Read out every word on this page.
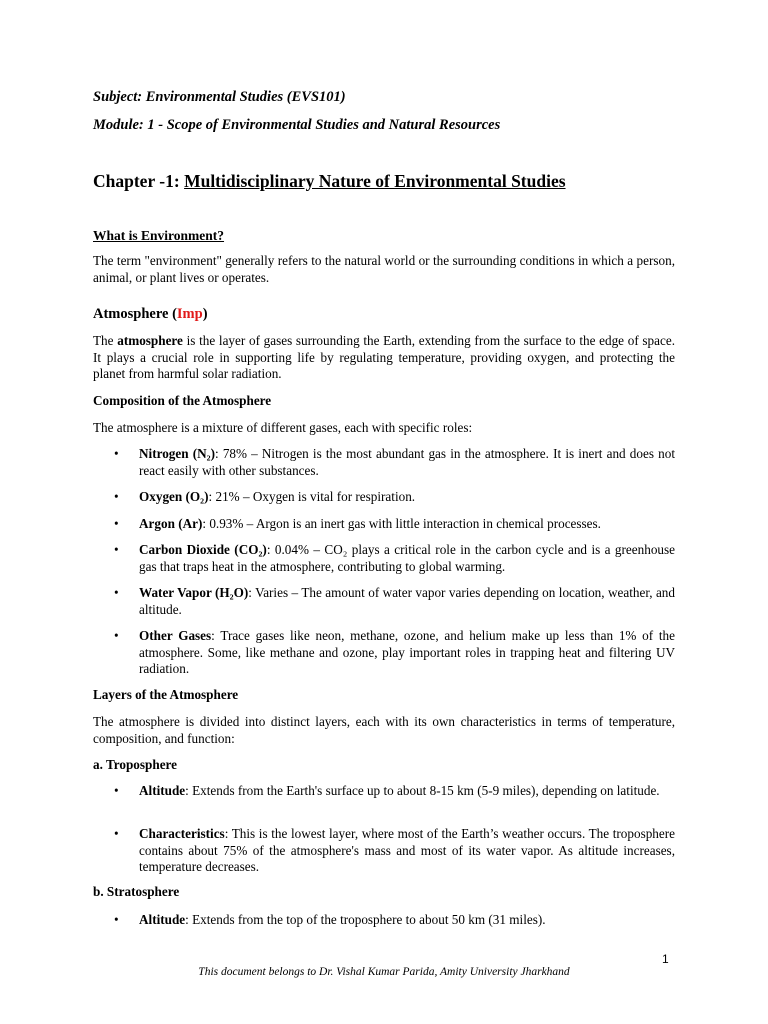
Subject: Environmental Studies (EVS101)

Module: 1 - Scope of Environmental Studies and Natural Resources

Chapter -1: Multidisciplinary Nature of Environmental Studies

What is Environment?

The term "environment" generally refers to the natural world or the surrounding conditions in which a person, animal, or plant lives or operates.

Atmosphere (Imp)

The atmosphere is the layer of gases surrounding the Earth, extending from the surface to the edge of space. It plays a crucial role in supporting life by regulating temperature, providing oxygen, and protecting the planet from harmful solar radiation.

Composition of the Atmosphere

The atmosphere is a mixture of different gases, each with specific roles:

•	Nitrogen (N₂): 78% – Nitrogen is the most abundant gas in the atmosphere. It is inert and does not react easily with other substances.
•	Oxygen (O₂): 21% – Oxygen is vital for respiration.
•	Argon (Ar): 0.93% – Argon is an inert gas with little interaction in chemical processes.
•	Carbon Dioxide (CO₂): 0.04% – CO₂ plays a critical role in the carbon cycle and is a greenhouse gas that traps heat in the atmosphere, contributing to global warming.
•	Water Vapor (H₂O): Varies – The amount of water vapor varies depending on location, weather, and altitude.
•	Other Gases: Trace gases like neon, methane, ozone, and helium make up less than 1% of the atmosphere. Some, like methane and ozone, play important roles in trapping heat and filtering UV radiation.

Layers of the Atmosphere

The atmosphere is divided into distinct layers, each with its own characteristics in terms of temperature, composition, and function:

a. Troposphere

•	Altitude: Extends from the Earth's surface up to about 8-15 km (5-9 miles), depending on latitude.
•	Characteristics: This is the lowest layer, where most of the Earth’s weather occurs. The troposphere contains about 75% of the atmosphere's mass and most of its water vapor. As altitude increases, temperature decreases.

b. Stratosphere

•	Altitude: Extends from the top of the troposphere to about 50 km (31 miles).
1
This document belongs to Dr. Vishal Kumar Parida, Amity University Jharkhand
